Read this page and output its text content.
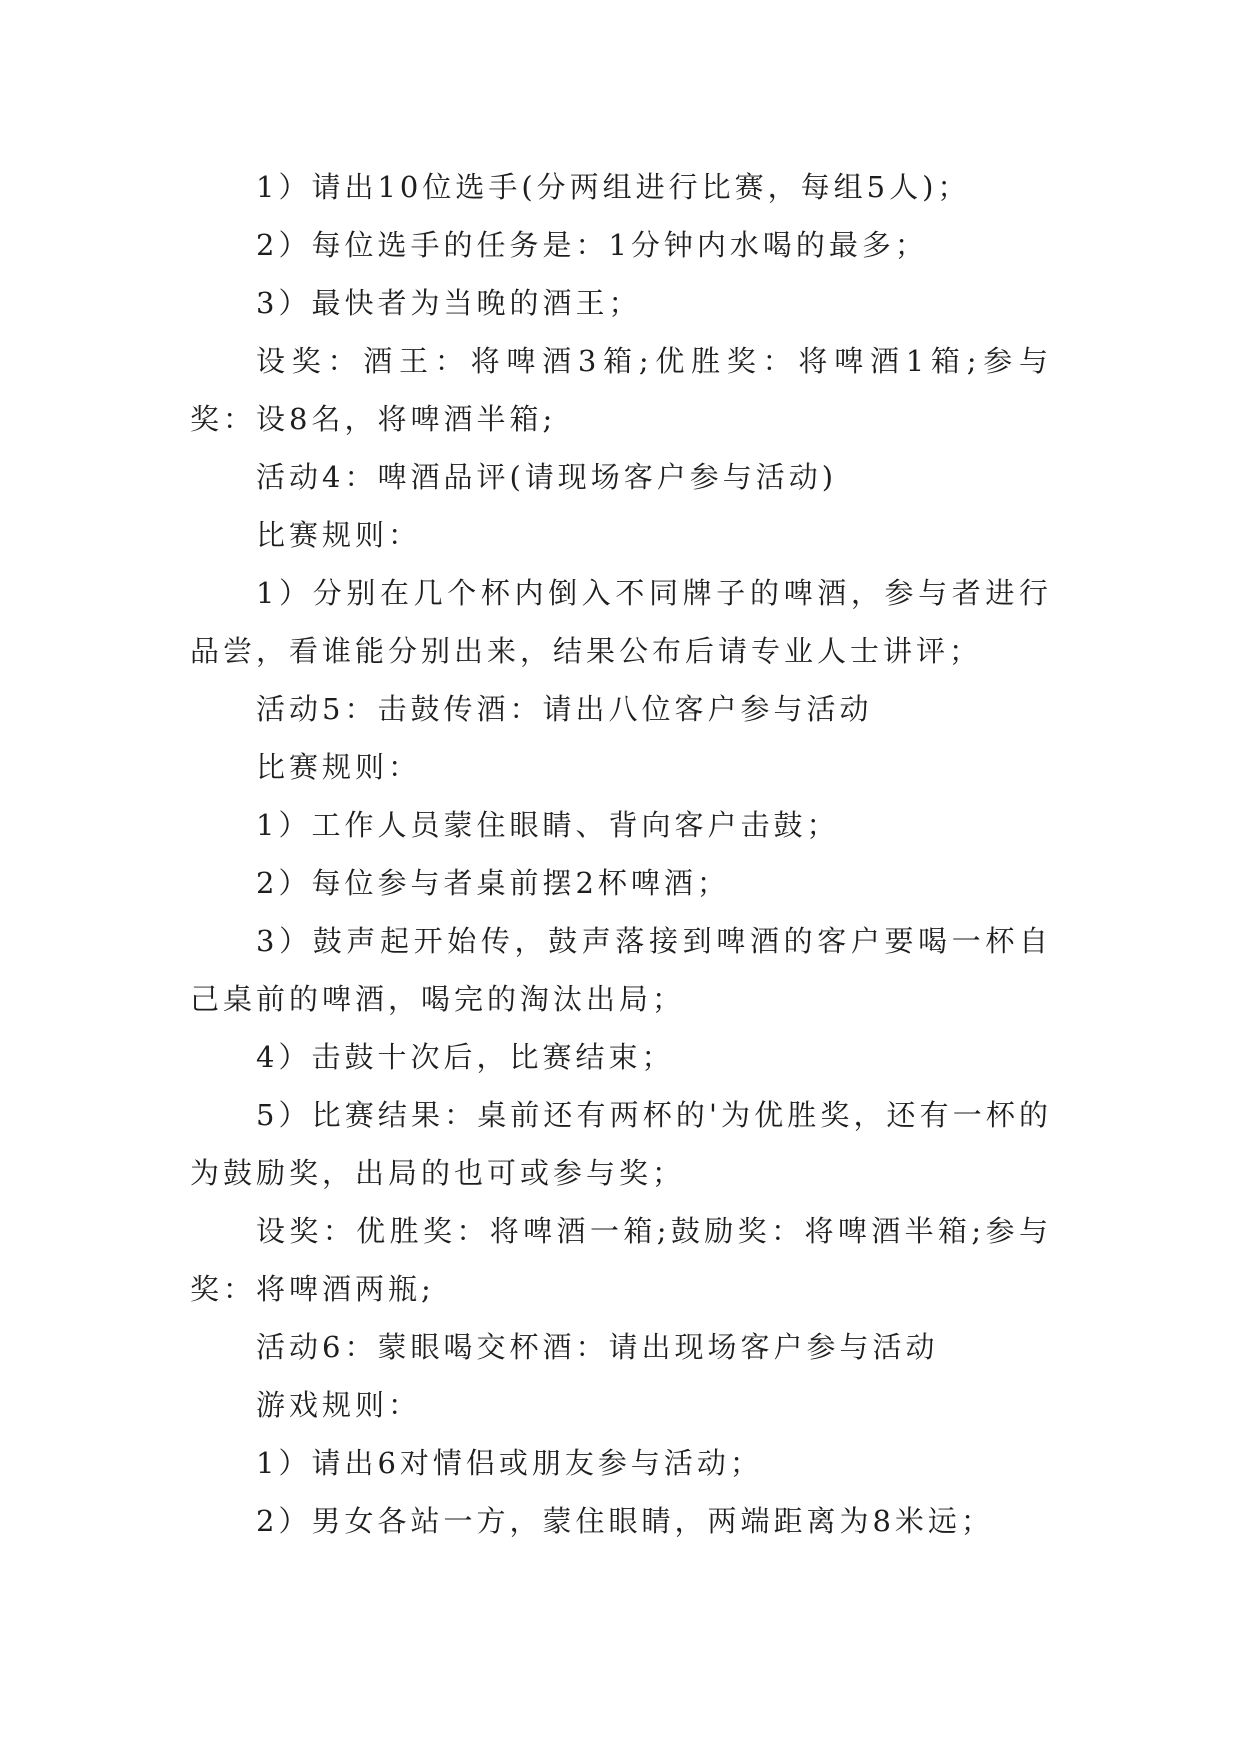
1）请出10位选手(分两组进行比赛，每组5人)；

2）每位选手的任务是：1分钟内水喝的最多；

3）最快者为当晚的酒王；

设奖：酒王：将啤酒3箱;优胜奖：将啤酒1箱;参与奖：设8名，将啤酒半箱;

活动4：啤酒品评(请现场客户参与活动)

比赛规则：

1）分别在几个杯内倒入不同牌子的啤酒，参与者进行品尝，看谁能分别出来，结果公布后请专业人士讲评；

活动5：击鼓传酒：请出八位客户参与活动

比赛规则：

1）工作人员蒙住眼睛、背向客户击鼓；

2）每位参与者桌前摆2杯啤酒；

3）鼓声起开始传，鼓声落接到啤酒的客户要喝一杯自己桌前的啤酒，喝完的淘汰出局；

4）击鼓十次后，比赛结束；

5）比赛结果：桌前还有两杯的'为优胜奖，还有一杯的为鼓励奖，出局的也可或参与奖；

设奖：优胜奖：将啤酒一箱;鼓励奖：将啤酒半箱;参与奖：将啤酒两瓶;

活动6：蒙眼喝交杯酒：请出现场客户参与活动

游戏规则：

1）请出6对情侣或朋友参与活动；

2）男女各站一方，蒙住眼睛，两端距离为8米远；
